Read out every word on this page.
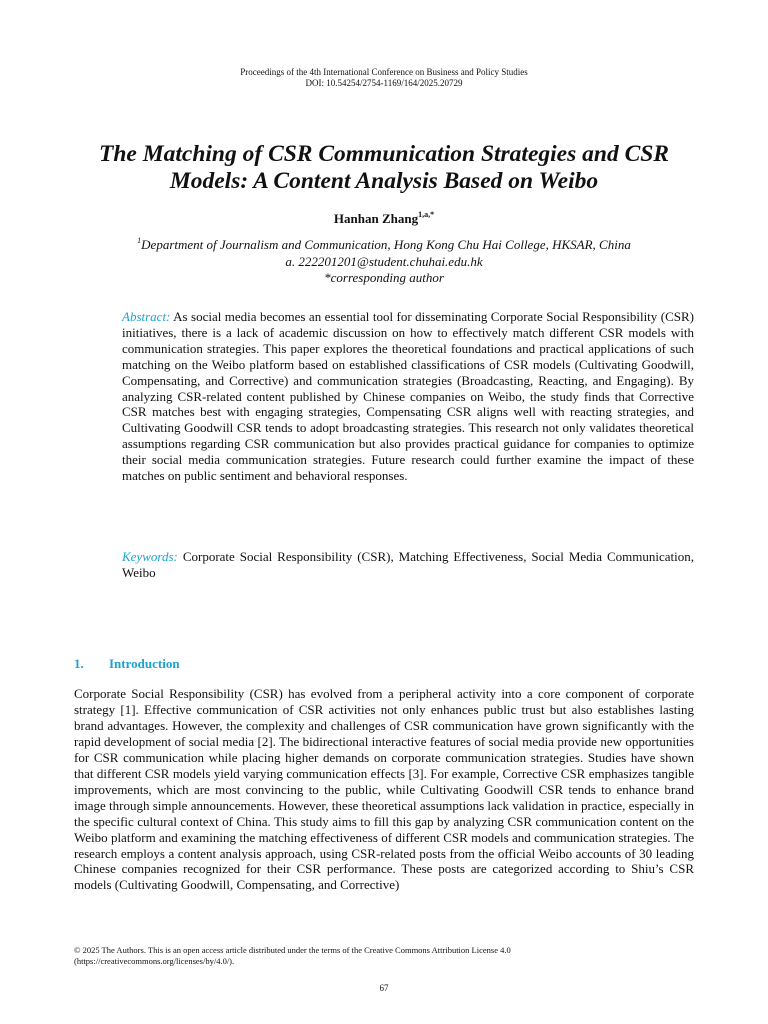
Proceedings of the 4th International Conference on Business and Policy Studies
DOI: 10.54254/2754-1169/164/2025.20729
The Matching of CSR Communication Strategies and CSR
Models: A Content Analysis Based on Weibo
Hanhan Zhang$^{1,a,*}$
$^1$Department of Journalism and Communication, Hong Kong Chu Hai College, HKSAR, China
a. 222201201@student.chuhai.edu.hk
*corresponding author
Abstract: As social media becomes an essential tool for disseminating Corporate Social Responsibility (CSR) initiatives, there is a lack of academic discussion on how to effectively match different CSR models with communication strategies. This paper explores the theoretical foundations and practical applications of such matching on the Weibo platform based on established classifications of CSR models (Cultivating Goodwill, Compensating, and Corrective) and communication strategies (Broadcasting, Reacting, and Engaging). By analyzing CSR-related content published by Chinese companies on Weibo, the study finds that Corrective CSR matches best with engaging strategies, Compensating CSR aligns well with reacting strategies, and Cultivating Goodwill CSR tends to adopt broadcasting strategies. This research not only validates theoretical assumptions regarding CSR communication but also provides practical guidance for companies to optimize their social media communication strategies. Future research could further examine the impact of these matches on public sentiment and behavioral responses.
Keywords: Corporate Social Responsibility (CSR), Matching Effectiveness, Social Media Communication, Weibo
1. Introduction
Corporate Social Responsibility (CSR) has evolved from a peripheral activity into a core component of corporate strategy [1]. Effective communication of CSR activities not only enhances public trust but also establishes lasting brand advantages. However, the complexity and challenges of CSR communication have grown significantly with the rapid development of social media [2]. The bidirectional interactive features of social media provide new opportunities for CSR communication while placing higher demands on corporate communication strategies. Studies have shown that different CSR models yield varying communication effects [3]. For example, Corrective CSR emphasizes tangible improvements, which are most convincing to the public, while Cultivating Goodwill CSR tends to enhance brand image through simple announcements. However, these theoretical assumptions lack validation in practice, especially in the specific cultural context of China. This study aims to fill this gap by analyzing CSR communication content on the Weibo platform and examining the matching effectiveness of different CSR models and communication strategies. The research employs a content analysis approach, using CSR-related posts from the official Weibo accounts of 30 leading Chinese companies recognized for their CSR performance. These posts are categorized according to Shiu’s CSR models (Cultivating Goodwill, Compensating, and Corrective)
© 2025 The Authors. This is an open access article distributed under the terms of the Creative Commons Attribution License 4.0
(https://creativecommons.org/licenses/by/4.0/).
67
